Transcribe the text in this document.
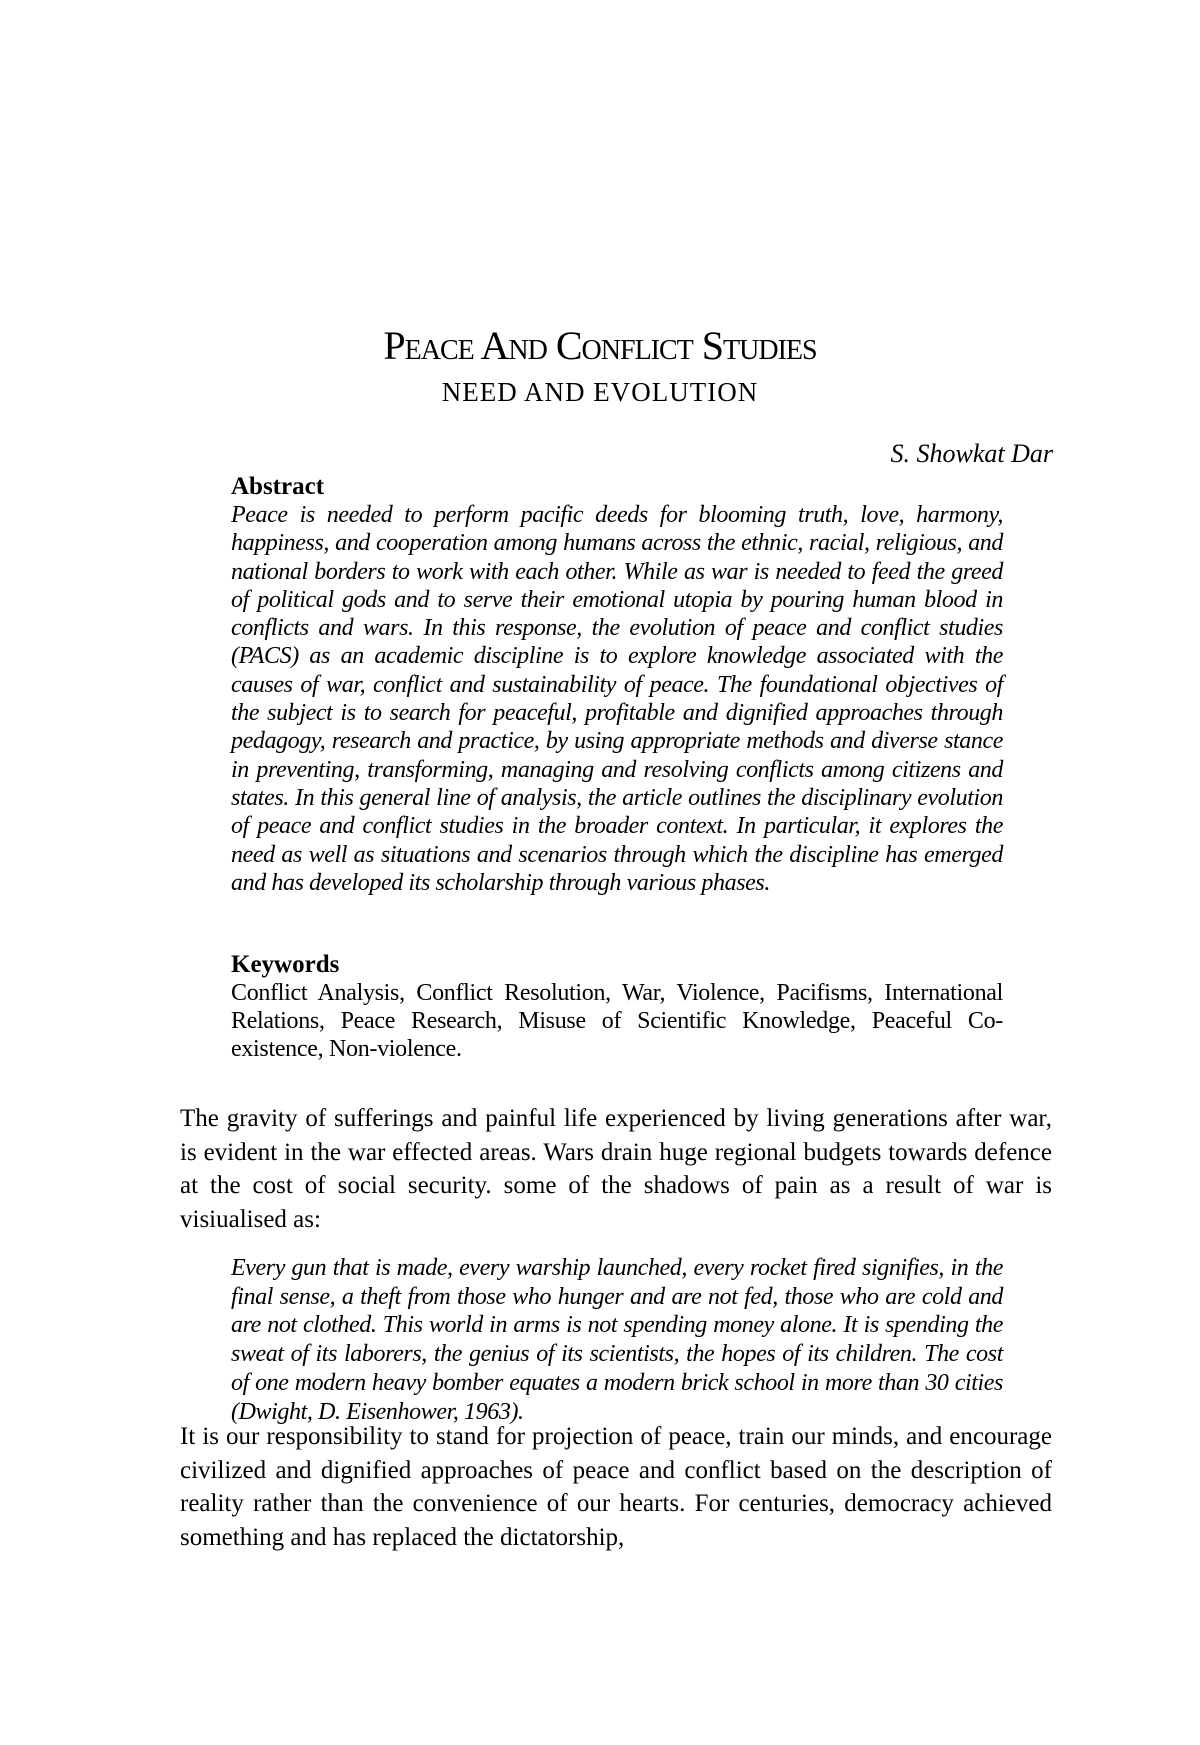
Peace And Conflict Studies
NEED AND EVOLUTION
S. Showkat Dar
Abstract
Peace is needed to perform pacific deeds for blooming truth, love, harmony, happiness, and cooperation among humans across the ethnic, racial, religious, and national borders to work with each other. While as war is needed to feed the greed of political gods and to serve their emotional utopia by pouring human blood in conflicts and wars. In this response, the evolution of peace and conflict studies (PACS) as an academic discipline is to explore knowledge associated with the causes of war, conflict and sustainability of peace. The foundational objectives of the subject is to search for peaceful, profitable and dignified approaches through pedagogy, research and practice, by using appropriate methods and diverse stance in preventing, transforming, managing and resolving conflicts among citizens and states. In this general line of analysis, the article outlines the disciplinary evolution of peace and conflict studies in the broader context. In particular, it explores the need as well as situations and scenarios through which the discipline has emerged and has developed its scholarship through various phases.
Keywords
Conflict Analysis, Conflict Resolution, War, Violence, Pacifisms, International Relations, Peace Research, Misuse of Scientific Knowledge, Peaceful Co-existence, Non-violence.
The gravity of sufferings and painful life experienced by living generations after war, is evident in the war effected areas. Wars drain huge regional budgets towards defence at the cost of social security. some of the shadows of pain as a result of war is visiualised as:
Every gun that is made, every warship launched, every rocket fired signifies, in the final sense, a theft from those who hunger and are not fed, those who are cold and are not clothed. This world in arms is not spending money alone. It is spending the sweat of its laborers, the genius of its scientists, the hopes of its children. The cost of one modern heavy bomber equates a modern brick school in more than 30 cities (Dwight, D. Eisenhower, 1963).
It is our responsibility to stand for projection of peace, train our minds, and encourage civilized and dignified approaches of peace and conflict based on the description of reality rather than the convenience of our hearts. For centuries, democracy achieved something and has replaced the dictatorship,
